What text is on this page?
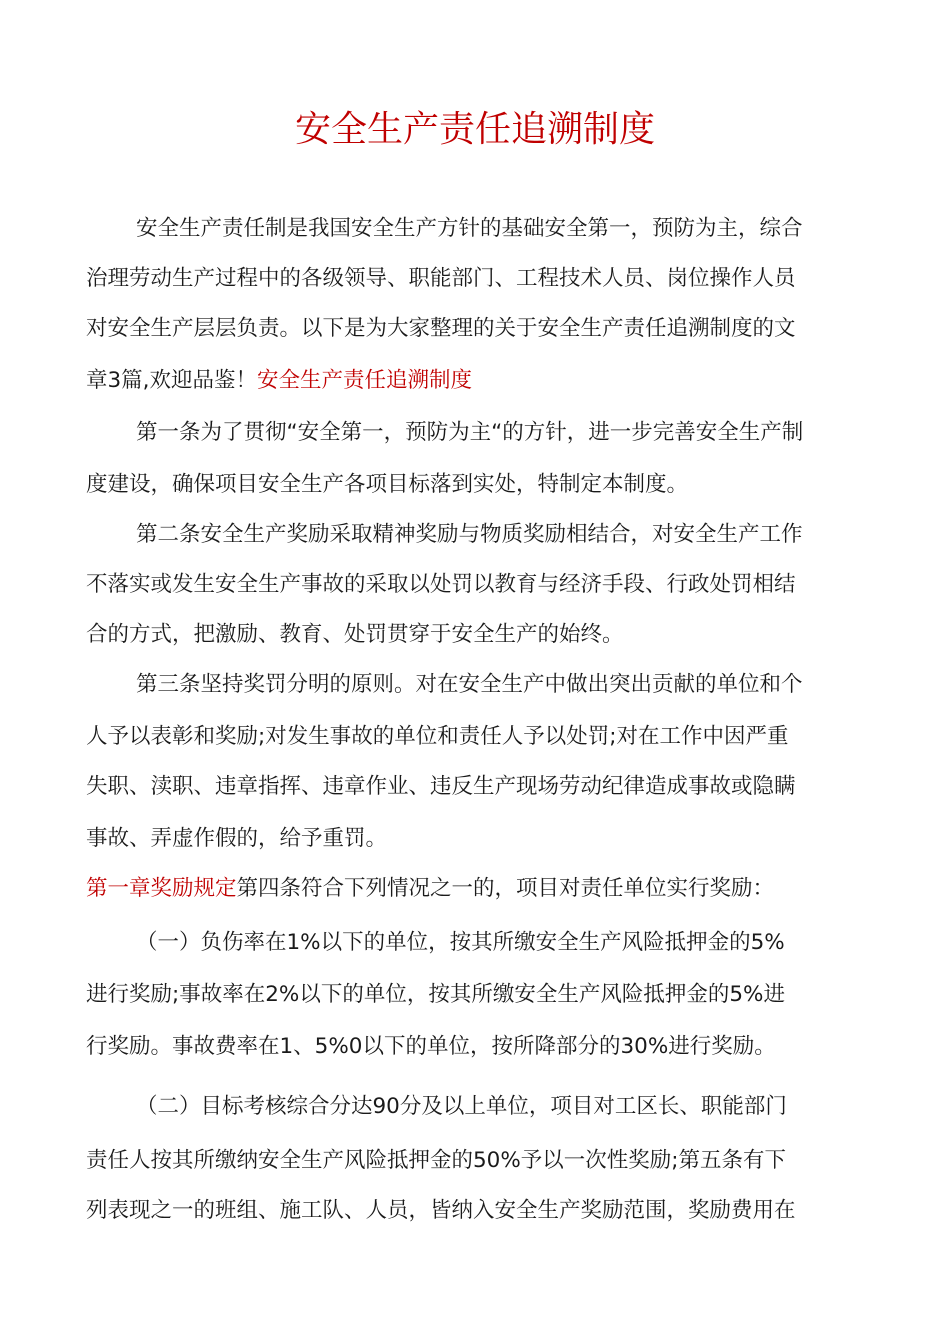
安全生产责任追溯制度
安全生产责任制是我国安全生产方针的基础安全第一，预防为主，综合
治理劳动生产过程中的各级领导、职能部门、工程技术人员、岗位操作人员
对安全生产层层负责。以下是为大家整理的关于安全生产责任追溯制度的文
章3篇,欢迎品鉴！安全生产责任追溯制度
第一条为了贯彻“安全第一，预防为主“的方针，进一步完善安全生产制
度建设，确保项目安全生产各项目标落到实处，特制定本制度。
第二条安全生产奖励采取精神奖励与物质奖励相结合，对安全生产工作
不落实或发生安全生产事故的采取以处罚以教育与经济手段、行政处罚相结
合的方式，把激励、教育、处罚贯穿于安全生产的始终。
第三条坚持奖罚分明的原则。对在安全生产中做出突出贡献的单位和个
人予以表彰和奖励;对发生事故的单位和责任人予以处罚;对在工作中因严重
失职、渎职、违章指挥、违章作业、违反生产现场劳动纪律造成事故或隐瞒
事故、弄虚作假的，给予重罚。
第一章奖励规定第四条符合下列情况之一的，项目对责任单位实行奖励：
（一）负伤率在1%以下的单位，按其所缴安全生产风险抵押金的5%
进行奖励;事故率在2%以下的单位，按其所缴安全生产风险抵押金的5%进
行奖励。事故费率在1、5%0以下的单位，按所降部分的30%进行奖励。
（二）目标考核综合分达90分及以上单位，项目对工区长、职能部门
责任人按其所缴纳安全生产风险抵押金的50%予以一次性奖励;第五条有下
列表现之一的班组、施工队、人员，皆纳入安全生产奖励范围，奖励费用在
